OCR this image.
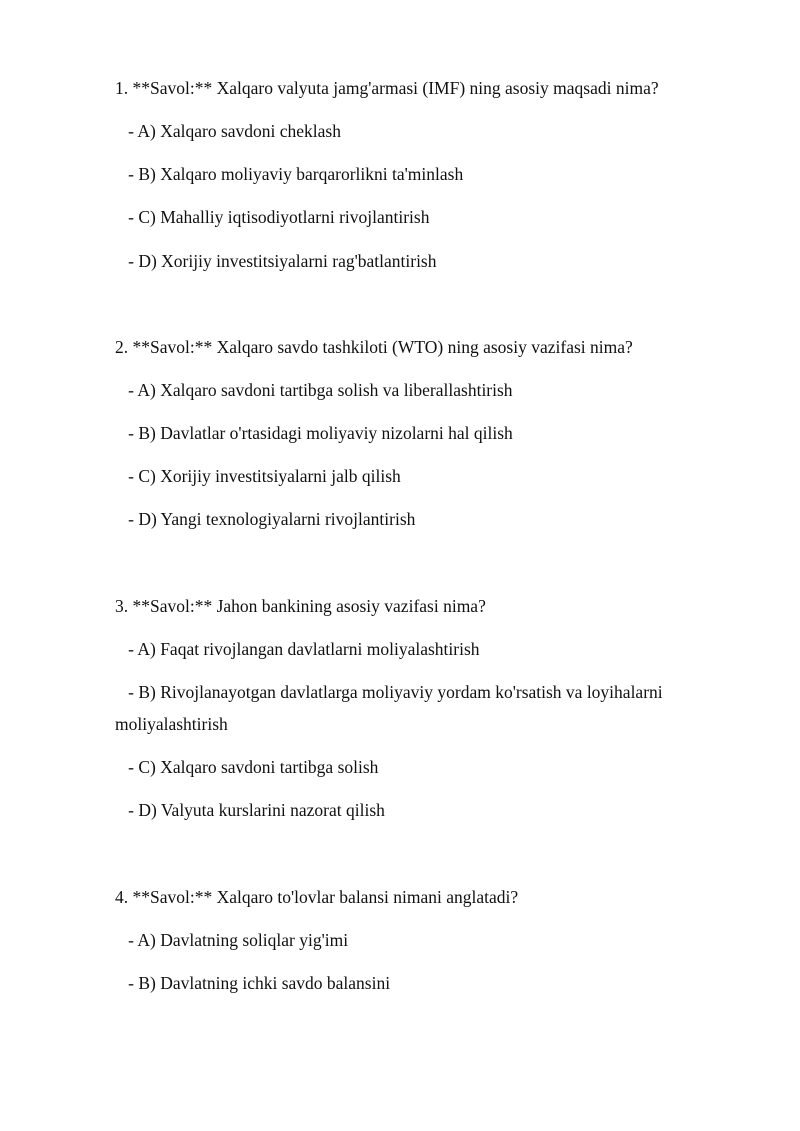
1. **Savol:** Xalqaro valyuta jamg'armasi (IMF) ning asosiy maqsadi nima?
- A) Xalqaro savdoni cheklash
- B) Xalqaro moliyaviy barqarorlikni ta'minlash
- C) Mahalliy iqtisodiyotlarni rivojlantirish
- D) Xorijiy investitsiyalarni rag'batlantirish
2. **Savol:** Xalqaro savdo tashkiloti (WTO) ning asosiy vazifasi nima?
- A) Xalqaro savdoni tartibga solish va liberallashtirish
- B) Davlatlar o'rtasidagi moliyaviy nizolarni hal qilish
- C) Xorijiy investitsiyalarni jalb qilish
- D) Yangi texnologiyalarni rivojlantirish
3. **Savol:** Jahon bankining asosiy vazifasi nima?
- A) Faqat rivojlangan davlatlarni moliyalashtirish
- B) Rivojlanayotgan davlatlarga moliyaviy yordam ko'rsatish va loyihalarni
moliyalashtirish
- C) Xalqaro savdoni tartibga solish
- D) Valyuta kurslarini nazorat qilish
4. **Savol:** Xalqaro to'lovlar balansi nimani anglatadi?
- A) Davlatning soliqlar yig'imi
- B) Davlatning ichki savdo balansini
